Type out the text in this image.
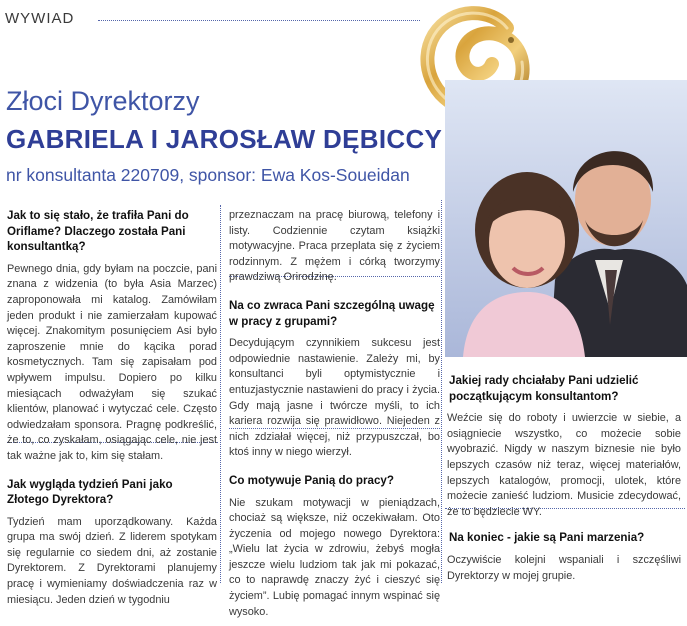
WYWIAD
Złoci Dyrektorzy
GABRIELA I JAROSŁAW DĘBICCY
nr konsultanta 220709, sponsor: Ewa Kos-Soueidan
Jak to się stało, że trafiła Pani do Oriflame? Dlaczego została Pani konsultantką?

Pewnego dnia, gdy byłam na poczcie, pani znana z widzenia (to była Asia Marzec) zaproponowała mi katalog. Zamówiłam jeden produkt i nie zamierzałam kupować więcej. Znakomitym posunięciem Asi było zaproszenie mnie do kącika porad kosmetycznych. Tam się zapisałam pod wpływem impulsu. Dopiero po kilku miesiącach odważyłam się szukać klientów, planować i wytyczać cele. Często odwiedzałam sponsora. Pragnę podkreślić, że to, co zyskałam, osiągając cele, nie jest tak ważne jak to, kim się stałam.

Jak wygląda tydzień Pani jako Złotego Dyrektora?

Tydzień mam uporządkowany. Każda grupa ma swój dzień. Z liderem spotykam się regularnie co siedem dni, aż zostanie Dyrektorem. Z Dyrektorami planujemy pracę i wymieniamy doświadczenia raz w miesiącu. Jeden dzień w tygodniu

przeznaczam na pracę biurową, telefony i listy. Codziennie czytam książki motywacyjne. Praca przeplata się z życiem rodzinnym. Z mężem i córką tworzymy prawdziwą Orirodzinę.

Na co zwraca Pani szczególną uwagę w pracy z grupami?

Decydującym czynnikiem sukcesu jest odpowiednie nastawienie. Zależy mi, by konsultanci byli optymistycznie i entuzjastycznie nastawieni do pracy i życia. Gdy mają jasne i twórcze myśli, to ich kariera rozwija się prawidłowo. Niejeden z nich zdziałał więcej, niż przypuszczał, bo ktoś inny w niego wierzył.

Co motywuje Panią do pracy?

Nie szukam motywacji w pieniądzach, chociaż są większe, niż oczekiwałam. Oto życzenia od mojego nowego Dyrektora: „Wielu lat życia w zdrowiu, żebyś mogła jeszcze wielu ludziom tak jak mi pokazać, co to naprawdę znaczy żyć i cieszyć się życiem”. Lubię pomagać innym wspinać się wysoko.

Jakiej rady chciałaby Pani udzielić początkującym konsultantom?

Weźcie się do roboty i uwierzcie w siebie, a osiągniecie wszystko, co możecie sobie wyobrazić. Nigdy w naszym biznesie nie było lepszych czasów niż teraz, więcej materiałów, lepszych katalogów, promocji, ulotek, które możecie zanieść ludziom. Musicie zdecydować, że to będziecie WY.

Na koniec - jakie są Pani marzenia?

Oczywiście kolejni wspaniali i szczęśliwi Dyrektorzy w mojej grupie.
